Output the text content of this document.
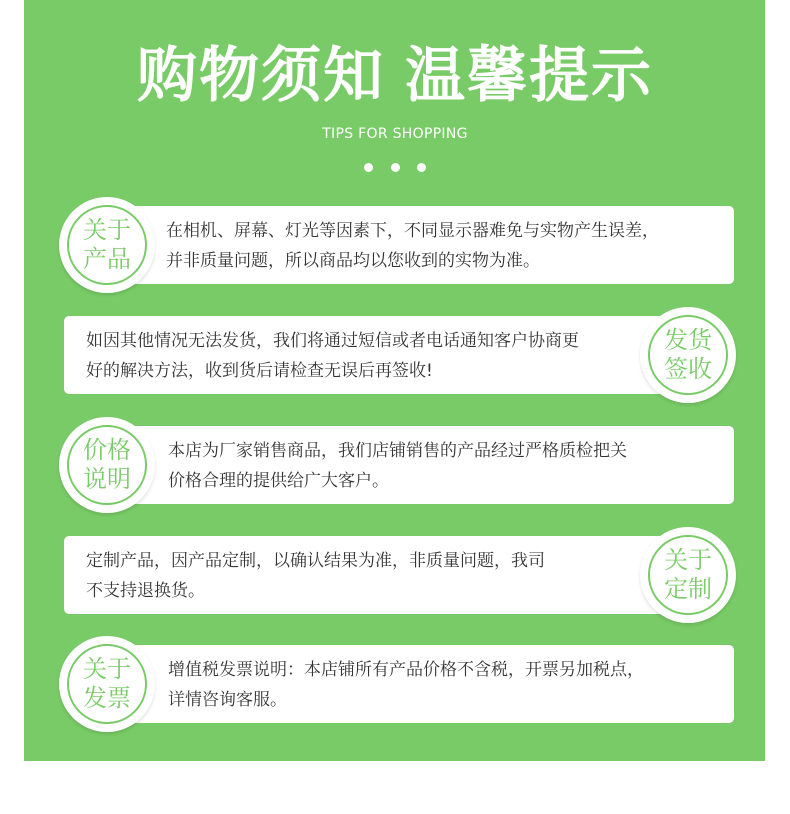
购物须知 温馨提示
TIPS FOR SHOPPING

在相机、屏幕、灯光等因素下，不同显示器难免与实物产生误差，
并非质量问题，所以商品均以您收到的实物为准。
关于
产品
如因其他情况无法发货，我们将通过短信或者电话通知客户协商更
好的解决方法，收到货后请检查无误后再签收!
发货
签收
本店为厂家销售商品，我们店铺销售的产品经过严格质检把关
价格合理的提供给广大客户。
价格
说明
定制产品，因产品定制，以确认结果为准，非质量问题，我司
不支持退换货。
关于
定制
增值税发票说明：本店铺所有产品价格不含税，开票另加税点，
详情咨询客服。
关于
发票
